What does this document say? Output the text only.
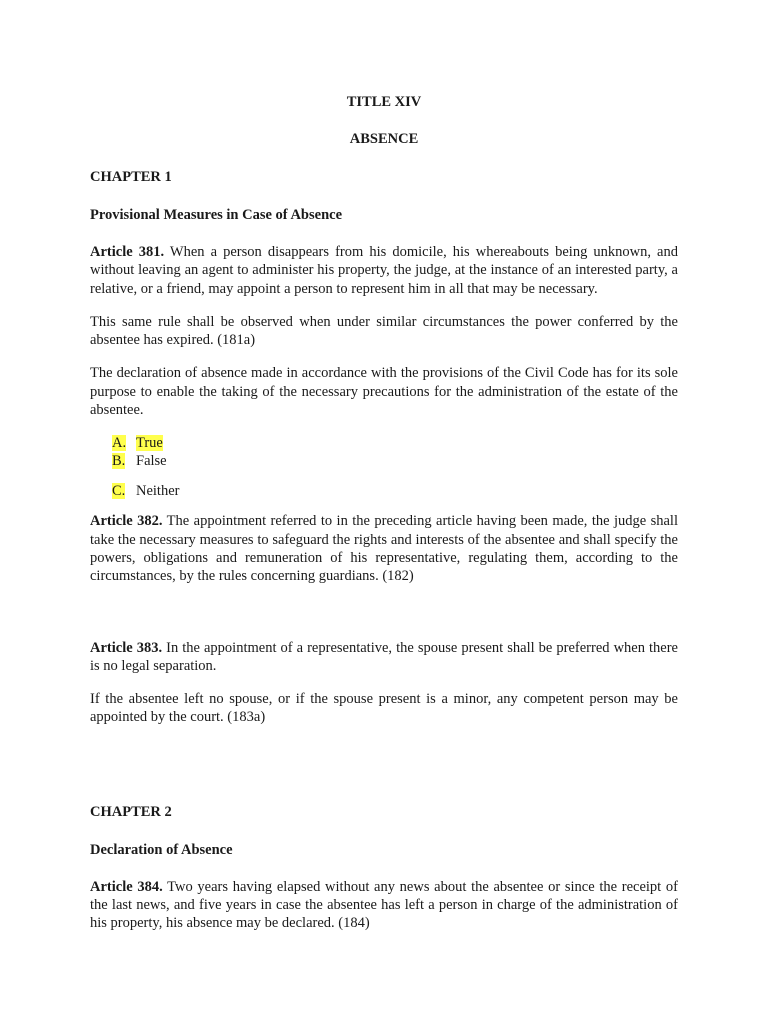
TITLE XIV

ABSENCE

CHAPTER 1

Provisional Measures in Case of Absence

Article 381. When a person disappears from his domicile, his whereabouts being unknown, and without leaving an agent to administer his property, the judge, at the instance of an interested party, a relative, or a friend, may appoint a person to represent him in all that may be necessary.

This same rule shall be observed when under similar circumstances the power conferred by the absentee has expired. (181a)

The declaration of absence made in accordance with the provisions of the Civil Code has for its sole purpose to enable the taking of the necessary precautions for the administration of the estate of the absentee.

A. True
B. False
C. Neither

Article 382. The appointment referred to in the preceding article having been made, the judge shall take the necessary measures to safeguard the rights and interests of the absentee and shall specify the powers, obligations and remuneration of his representative, regulating them, according to the circumstances, by the rules concerning guardians. (182)

Article 383. In the appointment of a representative, the spouse present shall be preferred when there is no legal separation.

If the absentee left no spouse, or if the spouse present is a minor, any competent person may be appointed by the court. (183a)

CHAPTER 2

Declaration of Absence

Article 384. Two years having elapsed without any news about the absentee or since the receipt of the last news, and five years in case the absentee has left a person in charge of the administration of his property, his absence may be declared. (184)
